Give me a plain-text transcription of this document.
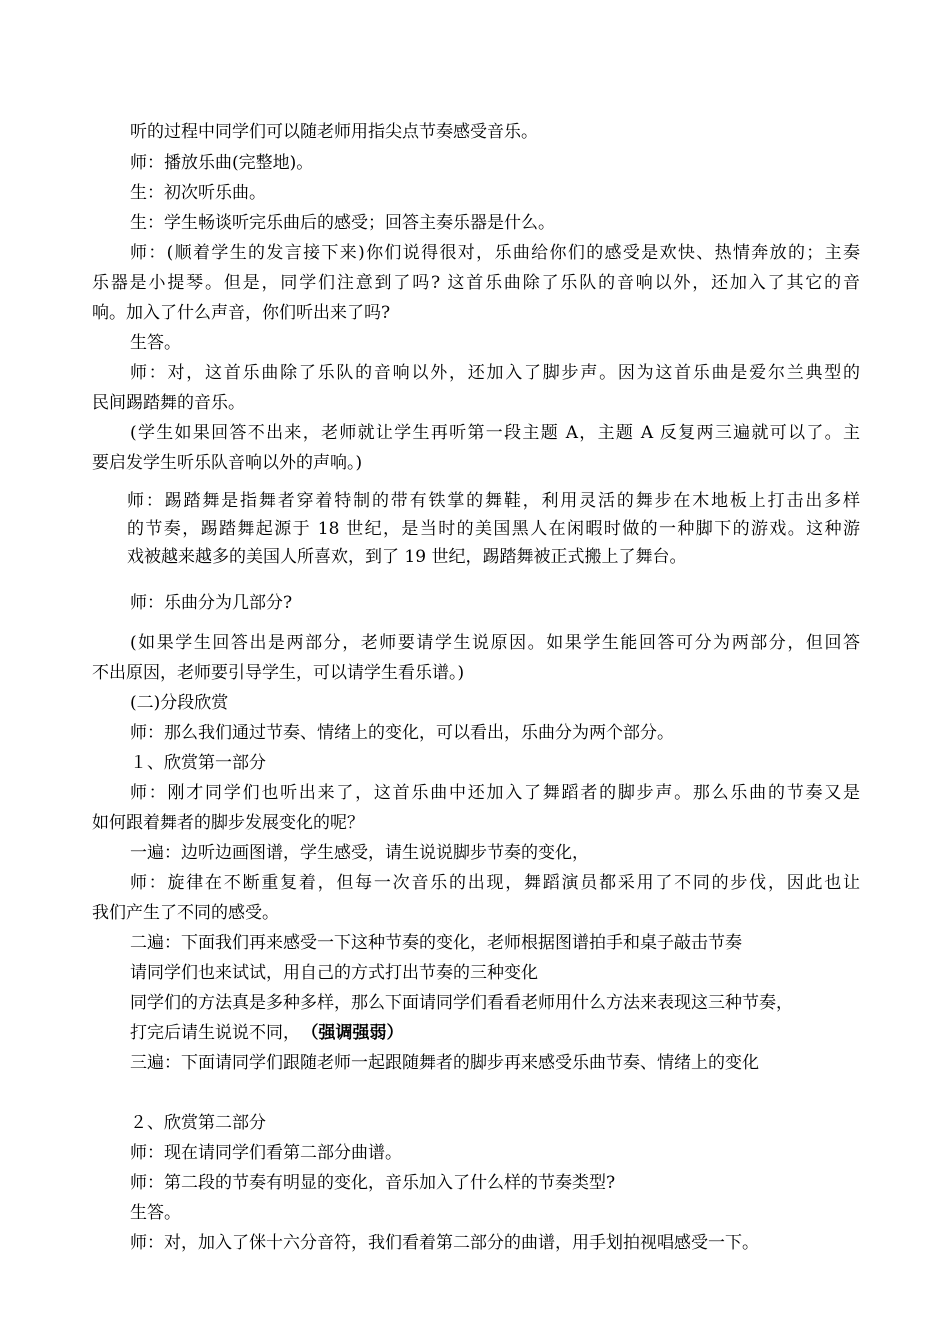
听的过程中同学们可以随老师用指尖点节奏感受音乐。
师：播放乐曲(完整地)。
生：初次听乐曲。
生：学生畅谈听完乐曲后的感受；回答主奏乐器是什么。
师：(顺着学生的发言接下来)你们说得很对，乐曲给你们的感受是欢快、热情奔放的；主奏
乐器是小提琴。但是，同学们注意到了吗? 这首乐曲除了乐队的音响以外，还加入了其它的音
响。加入了什么声音，你们听出来了吗?
生答。
师：对，这首乐曲除了乐队的音响以外，还加入了脚步声。因为这首乐曲是爱尔兰典型的
民间踢踏舞的音乐。
(学生如果回答不出来，老师就让学生再听第一段主题 A，主题 A 反复两三遍就可以了。主
要启发学生听乐队音响以外的声响。)
师：踢踏舞是指舞者穿着特制的带有铁掌的舞鞋，利用灵活的舞步在木地板上打击出多样
的节奏，踢踏舞起源于 18 世纪，是当时的美国黑人在闲暇时做的一种脚下的游戏。这种游
戏被越来越多的美国人所喜欢，到了 19 世纪，踢踏舞被正式搬上了舞台。
师：乐曲分为几部分?
(如果学生回答出是两部分，老师要请学生说原因。如果学生能回答可分为两部分，但回答
不出原因，老师要引导学生，可以请学生看乐谱。)
(二)分段欣赏
师：那么我们通过节奏、情绪上的变化，可以看出，乐曲分为两个部分。
１、欣赏第一部分
师：刚才同学们也听出来了，这首乐曲中还加入了舞蹈者的脚步声。那么乐曲的节奏又是
如何跟着舞者的脚步发展变化的呢？
一遍：边听边画图谱，学生感受，请生说说脚步节奏的变化，
师：旋律在不断重复着，但每一次音乐的出现，舞蹈演员都采用了不同的步伐，因此也让
我们产生了不同的感受。
二遍：下面我们再来感受一下这种节奏的变化，老师根据图谱拍手和桌子敲击节奏
请同学们也来试试，用自己的方式打出节奏的三种变化
同学们的方法真是多种多样，那么下面请同学们看看老师用什么方法来表现这三种节奏，
打完后请生说说不同， （强调强弱）
三遍：下面请同学们跟随老师一起跟随舞者的脚步再来感受乐曲节奏、情绪上的变化
２、欣赏第二部分
师：现在请同学们看第二部分曲谱。
师：第二段的节奏有明显的变化，音乐加入了什么样的节奏类型?
生答。
师：对，加入了侎十六分音符，我们看着第二部分的曲谱，用手划拍视唱感受一下。
